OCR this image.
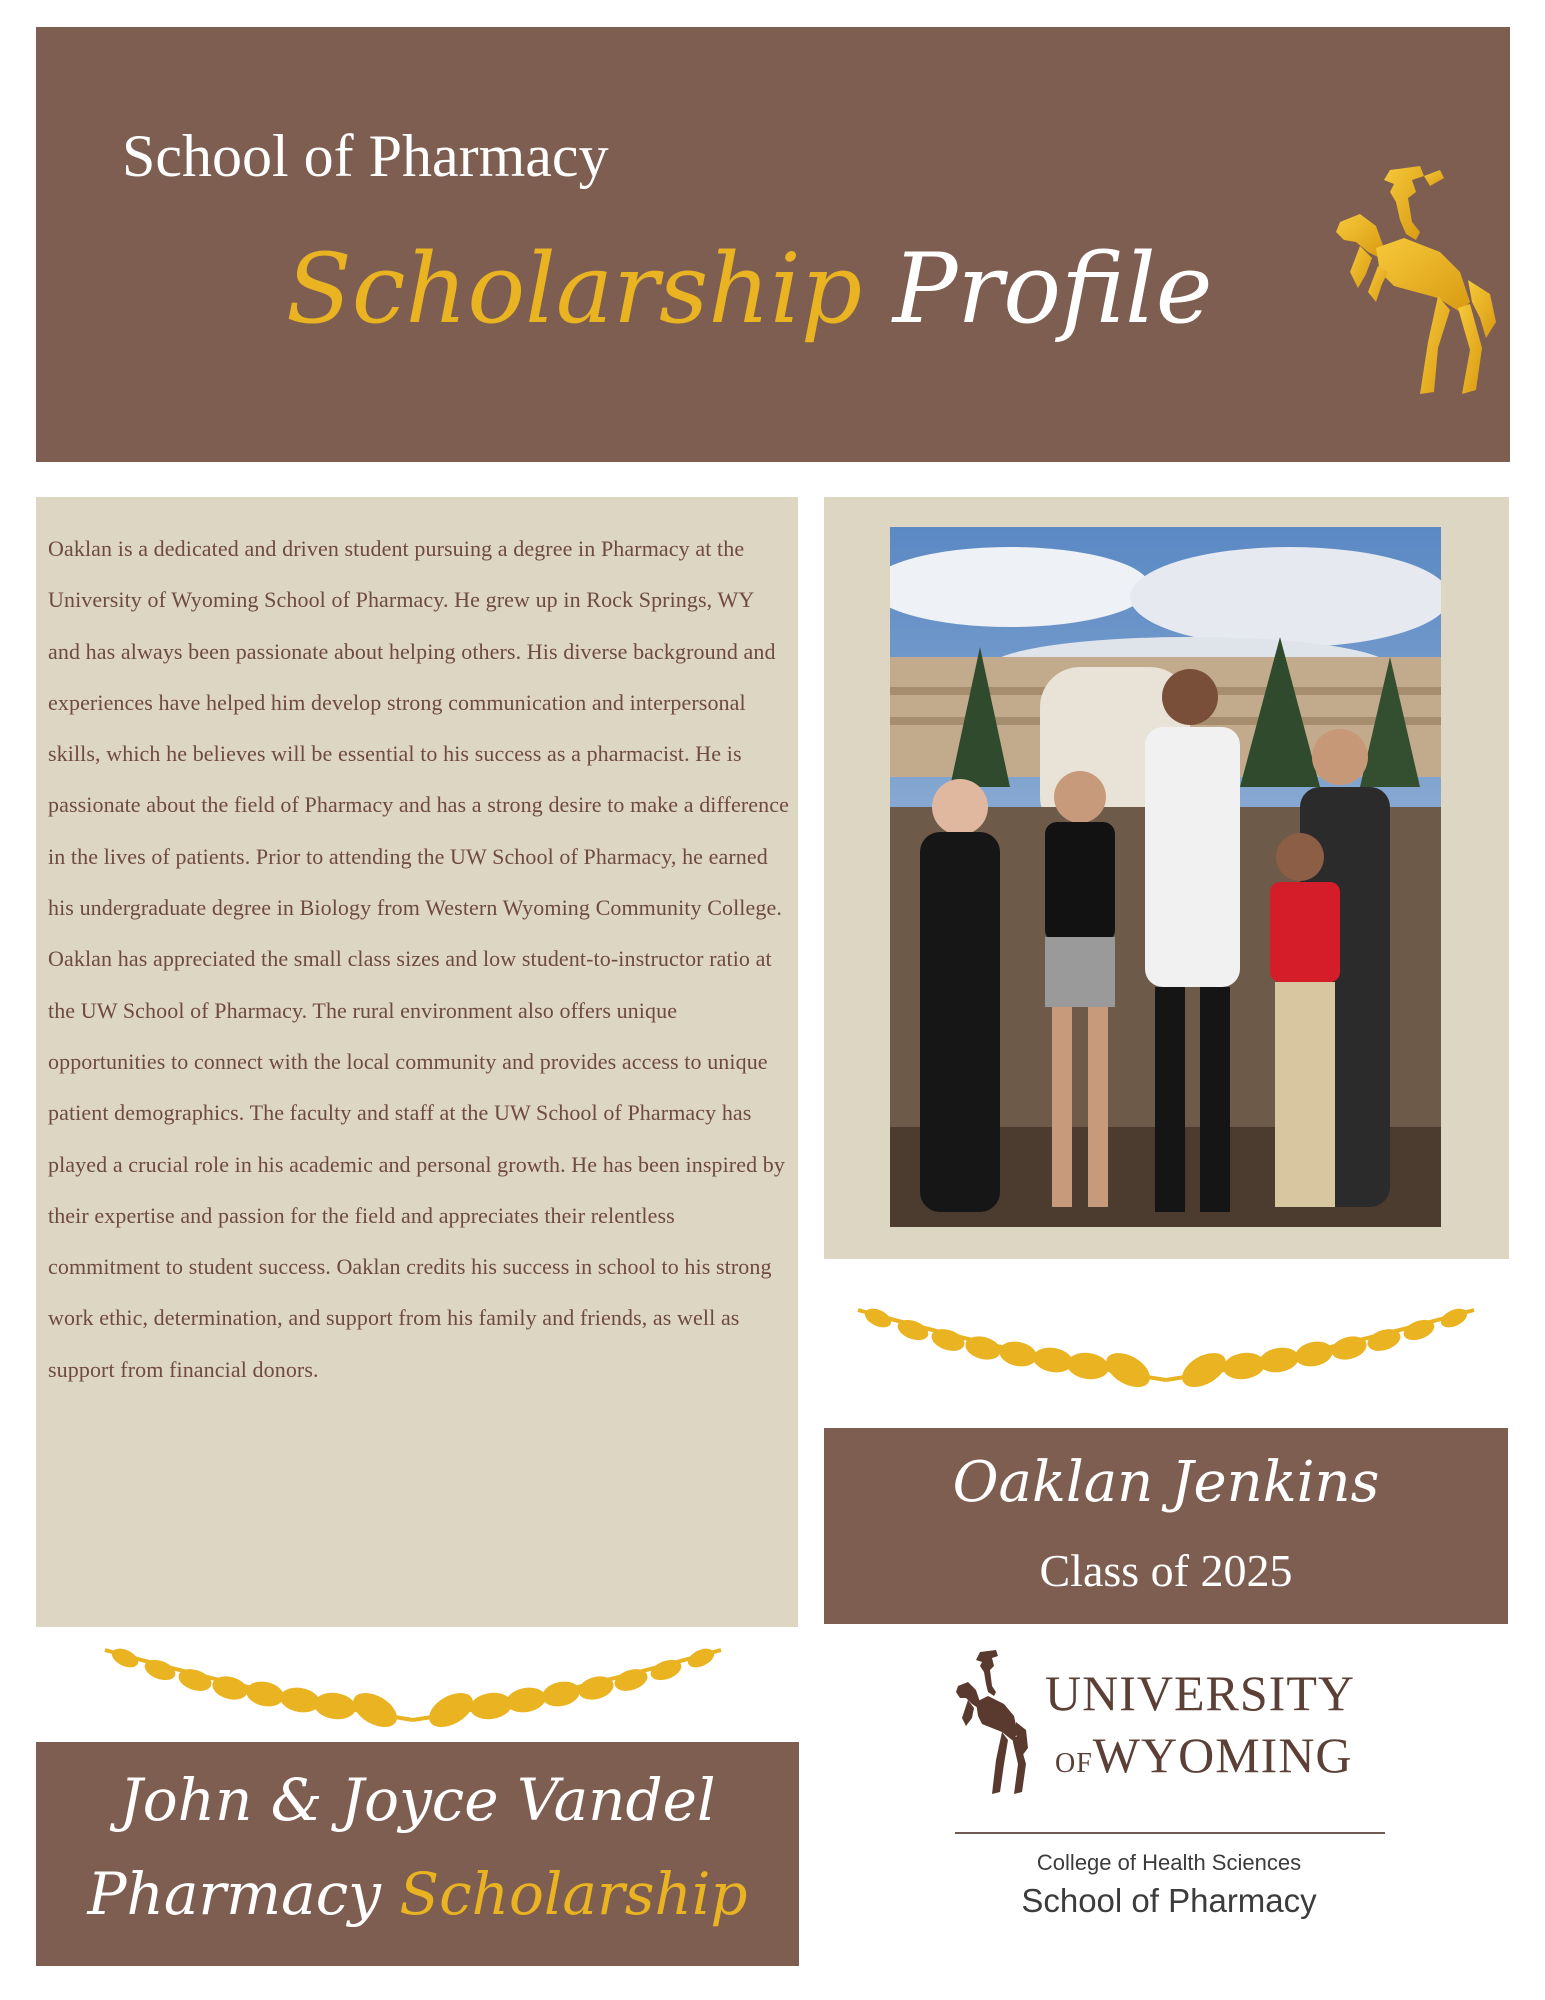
School of Pharmacy
Scholarship Profile

Oaklan is a dedicated and driven student pursuing a degree in Pharmacy at the University of Wyoming School of Pharmacy. He grew up in Rock Springs, WY and has always been passionate about helping others. His diverse background and experiences have helped him develop strong communication and interpersonal skills, which he believes will be essential to his success as a pharmacist. He is passionate about the field of Pharmacy and has a strong desire to make a difference in the lives of patients. Prior to attending the UW School of Pharmacy, he earned his undergraduate degree in Biology from Western Wyoming Community College. Oaklan has appreciated the small class sizes and low student-to-instructor ratio at the UW School of Pharmacy. The rural environment also offers unique opportunities to connect with the local community and provides access to unique patient demographics. The faculty and staff at the UW School of Pharmacy has played a crucial role in his academic and personal growth. He has been inspired by their expertise and passion for the field and appreciates their relentless commitment to student success. Oaklan credits his success in school to his strong work ethic, determination, and support from his family and friends, as well as support from financial donors.

Oaklan Jenkins
Class of 2025
John & Joyce Vandel
Pharmacy Scholarship
UNIVERSITY
OFWYOMING
College of Health Sciences
School of Pharmacy
